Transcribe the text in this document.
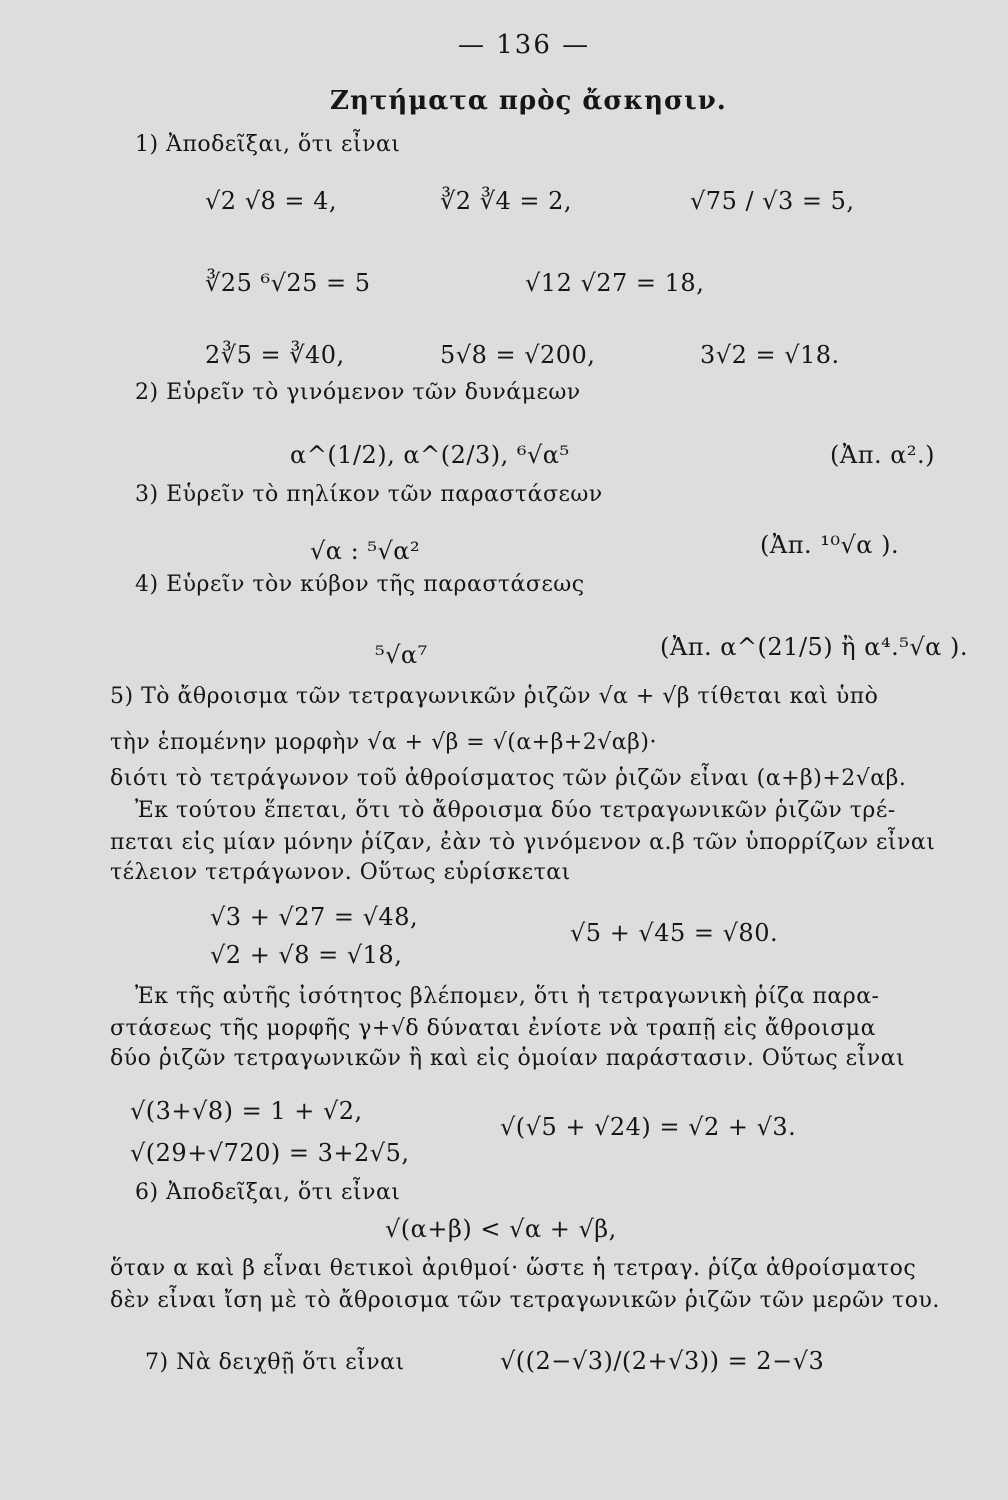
— 136 —
Ζητήματα πρὸς ἄσκησιν.
1) Ἀποδεῖξαι, ὅτι εἶναι
√2 √8 = 4,	∛2 ∛4 = 2,	√75 / √3 = 5,
∛25 ⁶√25 = 5	√12 √27 = 18,
2∛5 = ∛40,	5√8 = √200,	3√2 = √18.
2) Εὑρεῖν τὸ γινόμενον τῶν δυνάμεων
α^(1/2), α^(2/3), ⁶√α⁵	(Ἀπ. α².)
3) Εὑρεῖν τὸ πηλίκον τῶν παραστάσεων
√α : ⁵√α²	(Ἀπ. ¹⁰√α ).
4) Εὑρεῖν τὸν κύβον τῆς παραστάσεως
⁵√α⁷	(Ἀπ. α^(21/5) ἢ α⁴.⁵√α ).
5) Τὸ ἄθροισμα τῶν τετραγωνικῶν ῥιζῶν √α + √β τίθεται καὶ ὑπὸ
τὴν ἑπομένην μορφὴν √α + √β = √(α+β+2√αβ)·
διότι τὸ τετράγωνον τοῦ ἀθροίσματος τῶν ῥιζῶν εἶναι (α+β)+2√αβ.
Ἐκ τούτου ἕπεται, ὅτι τὸ ἄθροισμα δύο τετραγωνικῶν ῥιζῶν τρέ-
πεται εἰς μίαν μόνην ῥίζαν, ἐὰν τὸ γινόμενον α.β τῶν ὑπορρίζων εἶναι
τέλειον τετράγωνον. Οὕτως εὑρίσκεται
√3 + √27 = √48,
√2 + √8 = √18,
√5 + √45 = √80.
Ἐκ τῆς αὐτῆς ἰσότητος βλέπομεν, ὅτι ἡ τετραγωνικὴ ῥίζα παρα-
στάσεως τῆς μορφῆς γ+√δ δύναται ἐνίοτε νὰ τραπῇ εἰς ἄθροισμα
δύο ῥιζῶν τετραγωνικῶν ἢ καὶ εἰς ὁμοίαν παράστασιν. Οὕτως εἶναι
√(3+√8) = 1 + √2,
√(29+√720) = 3+2√5,
√(√5 + √24) = √2 + √3.
6) Ἀποδεῖξαι, ὅτι εἶναι
√(α+β) < √α + √β,
ὅταν α καὶ β εἶναι θετικοὶ ἀριθμοί· ὥστε ἡ τετραγ. ῥίζα ἀθροίσματος
δὲν εἶναι ἴση μὲ τὸ ἄθροισμα τῶν τετραγωνικῶν ῥιζῶν τῶν μερῶν του.
7) Νὰ δειχθῇ ὅτι εἶναι	√((2−√3)/(2+√3)) = 2−√3
